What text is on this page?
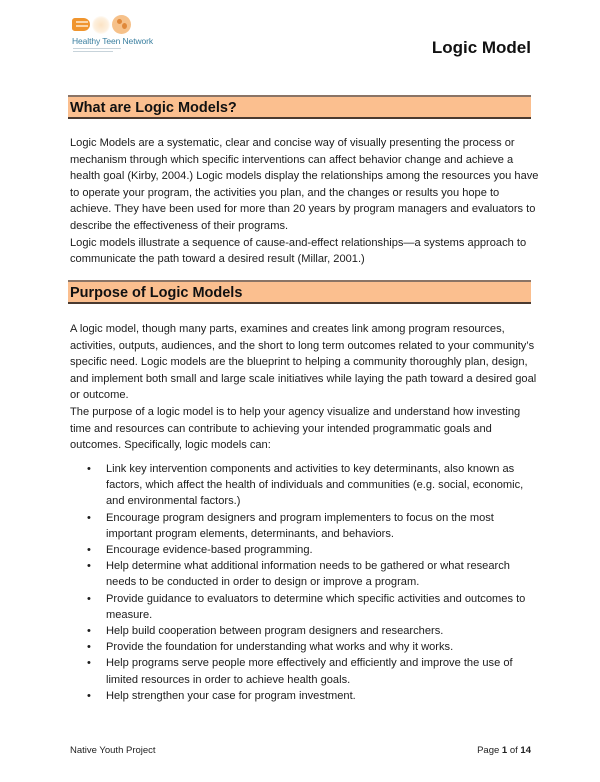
Healthy Teen Network	Logic Model
What are Logic Models?

Logic Models are a systematic, clear and concise way of visually presenting the process or mechanism through which specific interventions can affect behavior change and achieve a health goal (Kirby, 2004.) Logic models display the relationships among the resources you have to operate your program, the activities you plan, and the changes or results you hope to achieve. They have been used for more than 20 years by program managers and evaluators to describe the effectiveness of their programs.

Logic models illustrate a sequence of cause-and-effect relationships—a systems approach to communicate the path toward a desired result (Millar, 2001.)

Purpose of Logic Models

A logic model, though many parts, examines and creates link among program resources, activities, outputs, audiences, and the short to long term outcomes related to your community’s specific need. Logic models are the blueprint to helping a community thoroughly plan, design, and implement both small and large scale initiatives while laying the path toward a desired goal or outcome.

The purpose of a logic model is to help your agency visualize and understand how investing time and resources can contribute to achieving your intended programmatic goals and outcomes. Specifically, logic models can:

• Link key intervention components and activities to key determinants, also known as factors, which affect the health of individuals and communities (e.g. social, economic, and environmental factors.)
• Encourage program designers and program implementers to focus on the most important program elements, determinants, and behaviors.
• Encourage evidence-based programming.
• Help determine what additional information needs to be gathered or what research needs to be conducted in order to design or improve a program.
• Provide guidance to evaluators to determine which specific activities and outcomes to measure.
• Help build cooperation between program designers and researchers.
• Provide the foundation for understanding what works and why it works.
• Help programs serve people more effectively and efficiently and improve the use of limited resources in order to achieve health goals.
• Help strengthen your case for program investment.
Native Youth Project	Page 1 of 14
